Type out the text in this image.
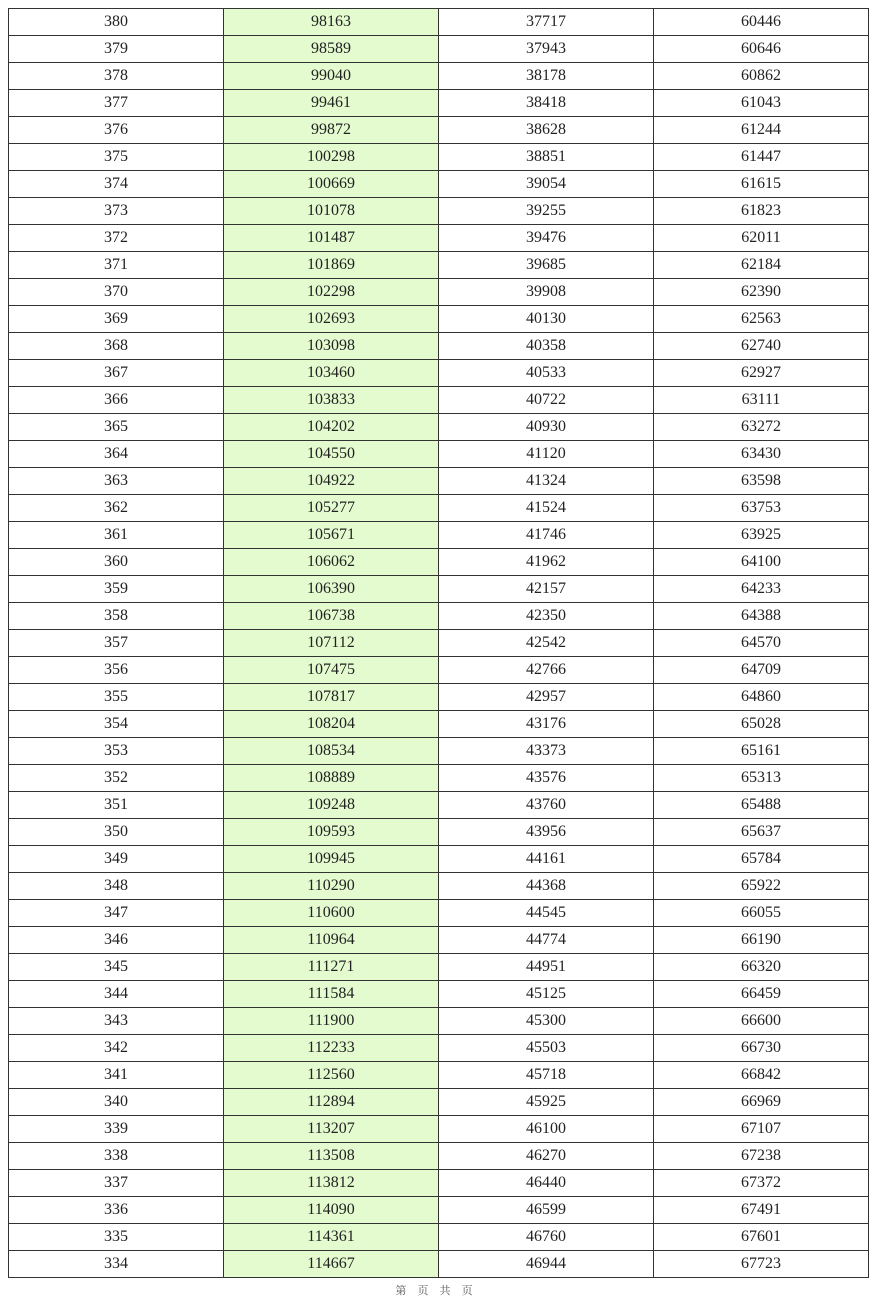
380	98163	37717	60446
379	98589	37943	60646
378	99040	38178	60862
377	99461	38418	61043
376	99872	38628	61244
375	100298	38851	61447
374	100669	39054	61615
373	101078	39255	61823
372	101487	39476	62011
371	101869	39685	62184
370	102298	39908	62390
369	102693	40130	62563
368	103098	40358	62740
367	103460	40533	62927
366	103833	40722	63111
365	104202	40930	63272
364	104550	41120	63430
363	104922	41324	63598
362	105277	41524	63753
361	105671	41746	63925
360	106062	41962	64100
359	106390	42157	64233
358	106738	42350	64388
357	107112	42542	64570
356	107475	42766	64709
355	107817	42957	64860
354	108204	43176	65028
353	108534	43373	65161
352	108889	43576	65313
351	109248	43760	65488
350	109593	43956	65637
349	109945	44161	65784
348	110290	44368	65922
347	110600	44545	66055
346	110964	44774	66190
345	111271	44951	66320
344	111584	45125	66459
343	111900	45300	66600
342	112233	45503	66730
341	112560	45718	66842
340	112894	45925	66969
339	113207	46100	67107
338	113508	46270	67238
337	113812	46440	67372
336	114090	46599	67491
335	114361	46760	67601
334	114667	46944	67723
第 页 共 页
